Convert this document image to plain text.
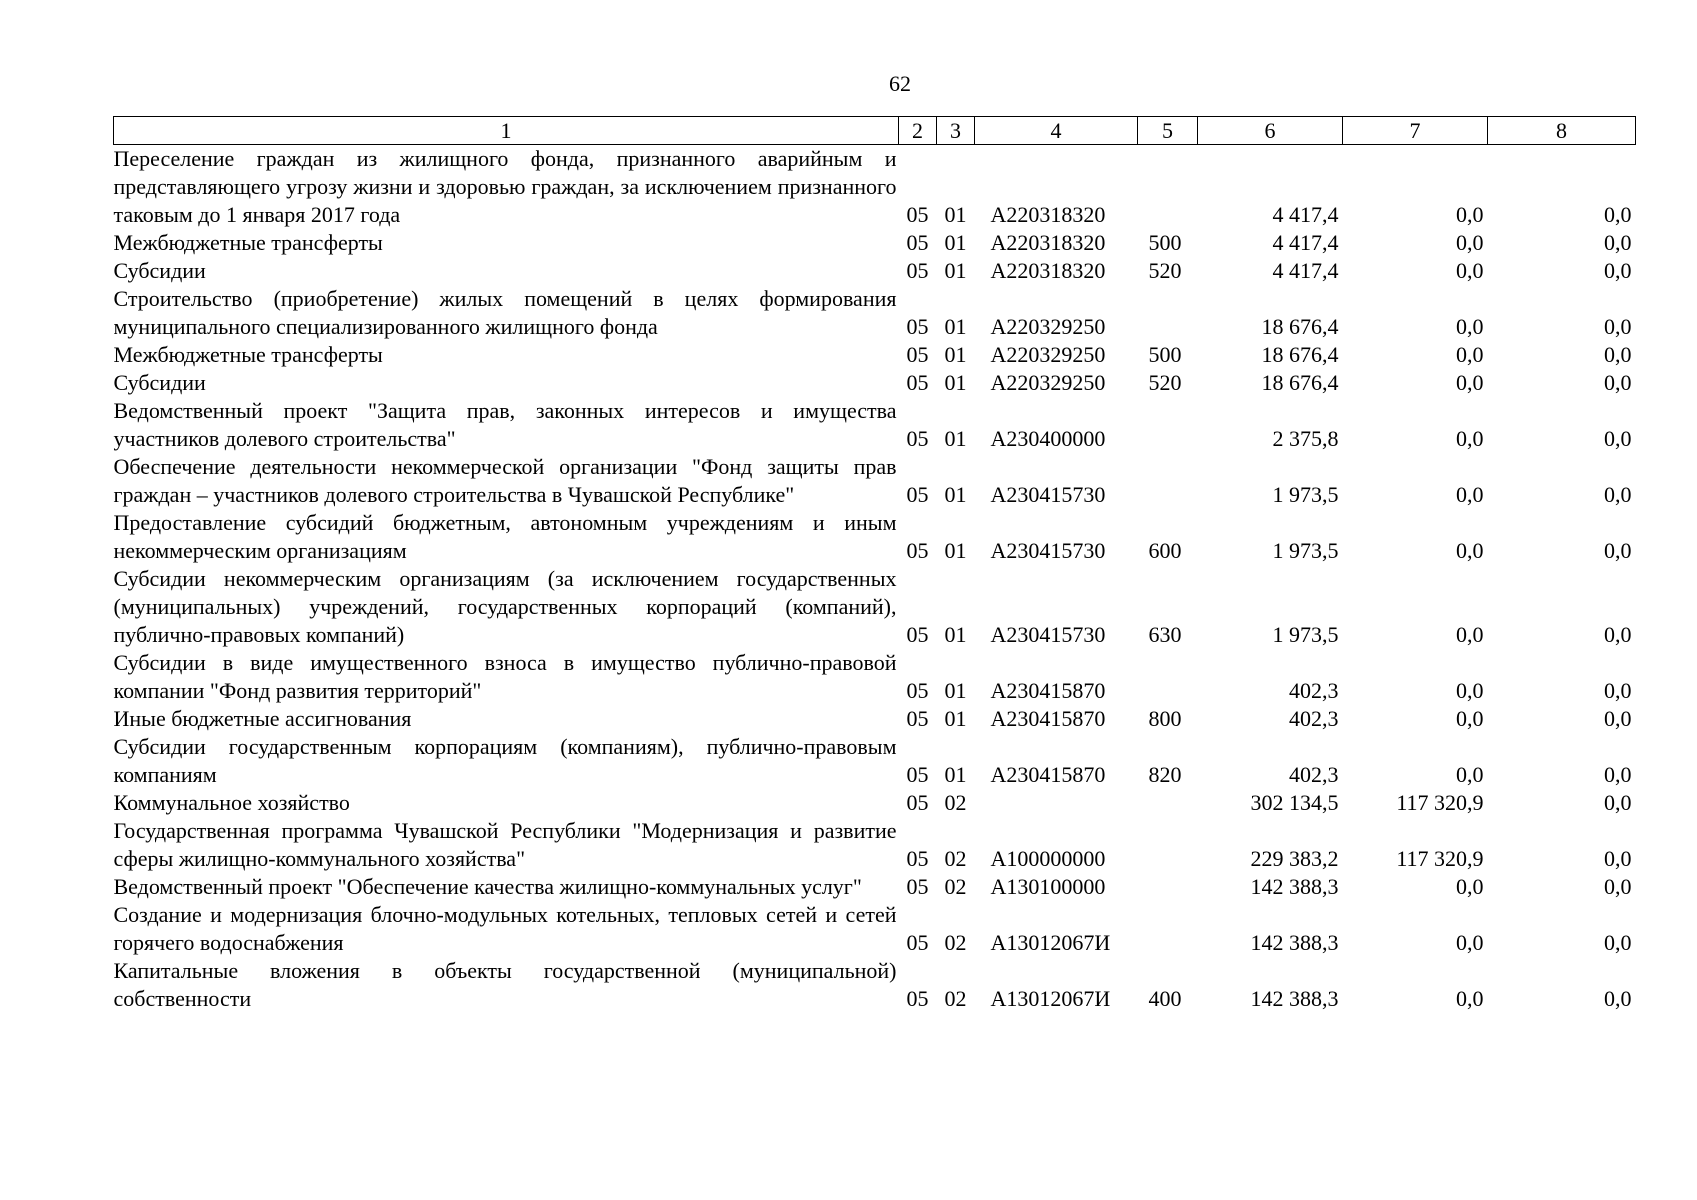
62
1	2	3	4	5	6	7	8
Переселение граждан из жилищного фонда, признанного аварийным и представляющего угрозу жизни и здоровью граждан, за исключением признанного таковым до 1 января 2017 года	05	01	А220318320		4 417,4	0,0	0,0
Межбюджетные трансферты	05	01	А220318320	500	4 417,4	0,0	0,0
Субсидии	05	01	А220318320	520	4 417,4	0,0	0,0
Строительство (приобретение) жилых помещений в целях формирования муниципального специализированного жилищного фонда	05	01	А220329250		18 676,4	0,0	0,0
Межбюджетные трансферты	05	01	А220329250	500	18 676,4	0,0	0,0
Субсидии	05	01	А220329250	520	18 676,4	0,0	0,0
Ведомственный проект "Защита прав, законных интересов и имущества участников долевого строительства"	05	01	А230400000		2 375,8	0,0	0,0
Обеспечение деятельности некоммерческой организации "Фонд защиты прав граждан – участников долевого строительства в Чувашской Республике"	05	01	А230415730		1 973,5	0,0	0,0
Предоставление субсидий бюджетным, автономным учреждениям и иным некоммерческим организациям	05	01	А230415730	600	1 973,5	0,0	0,0
Субсидии некоммерческим организациям (за исключением государственных (муниципальных) учреждений, государственных корпораций (компаний), публично-правовых компаний)	05	01	А230415730	630	1 973,5	0,0	0,0
Субсидии в виде имущественного взноса в имущество публично-правовой компании "Фонд развития территорий"	05	01	А230415870		402,3	0,0	0,0
Иные бюджетные ассигнования	05	01	А230415870	800	402,3	0,0	0,0
Субсидии государственным корпорациям (компаниям), публично-правовым компаниям	05	01	А230415870	820	402,3	0,0	0,0
Коммунальное хозяйство	05	02			302 134,5	117 320,9	0,0
Государственная программа Чувашской Республики "Модернизация и развитие сферы жилищно-коммунального хозяйства"	05	02	А100000000		229 383,2	117 320,9	0,0
Ведомственный проект "Обеспечение качества жилищно-коммунальных услуг"	05	02	А130100000		142 388,3	0,0	0,0
Создание и модернизация блочно-модульных котельных, тепловых сетей и сетей горячего водоснабжения	05	02	А13012067И		142 388,3	0,0	0,0
Капитальные вложения в объекты государственной (муниципальной) собственности	05	02	А13012067И	400	142 388,3	0,0	0,0
